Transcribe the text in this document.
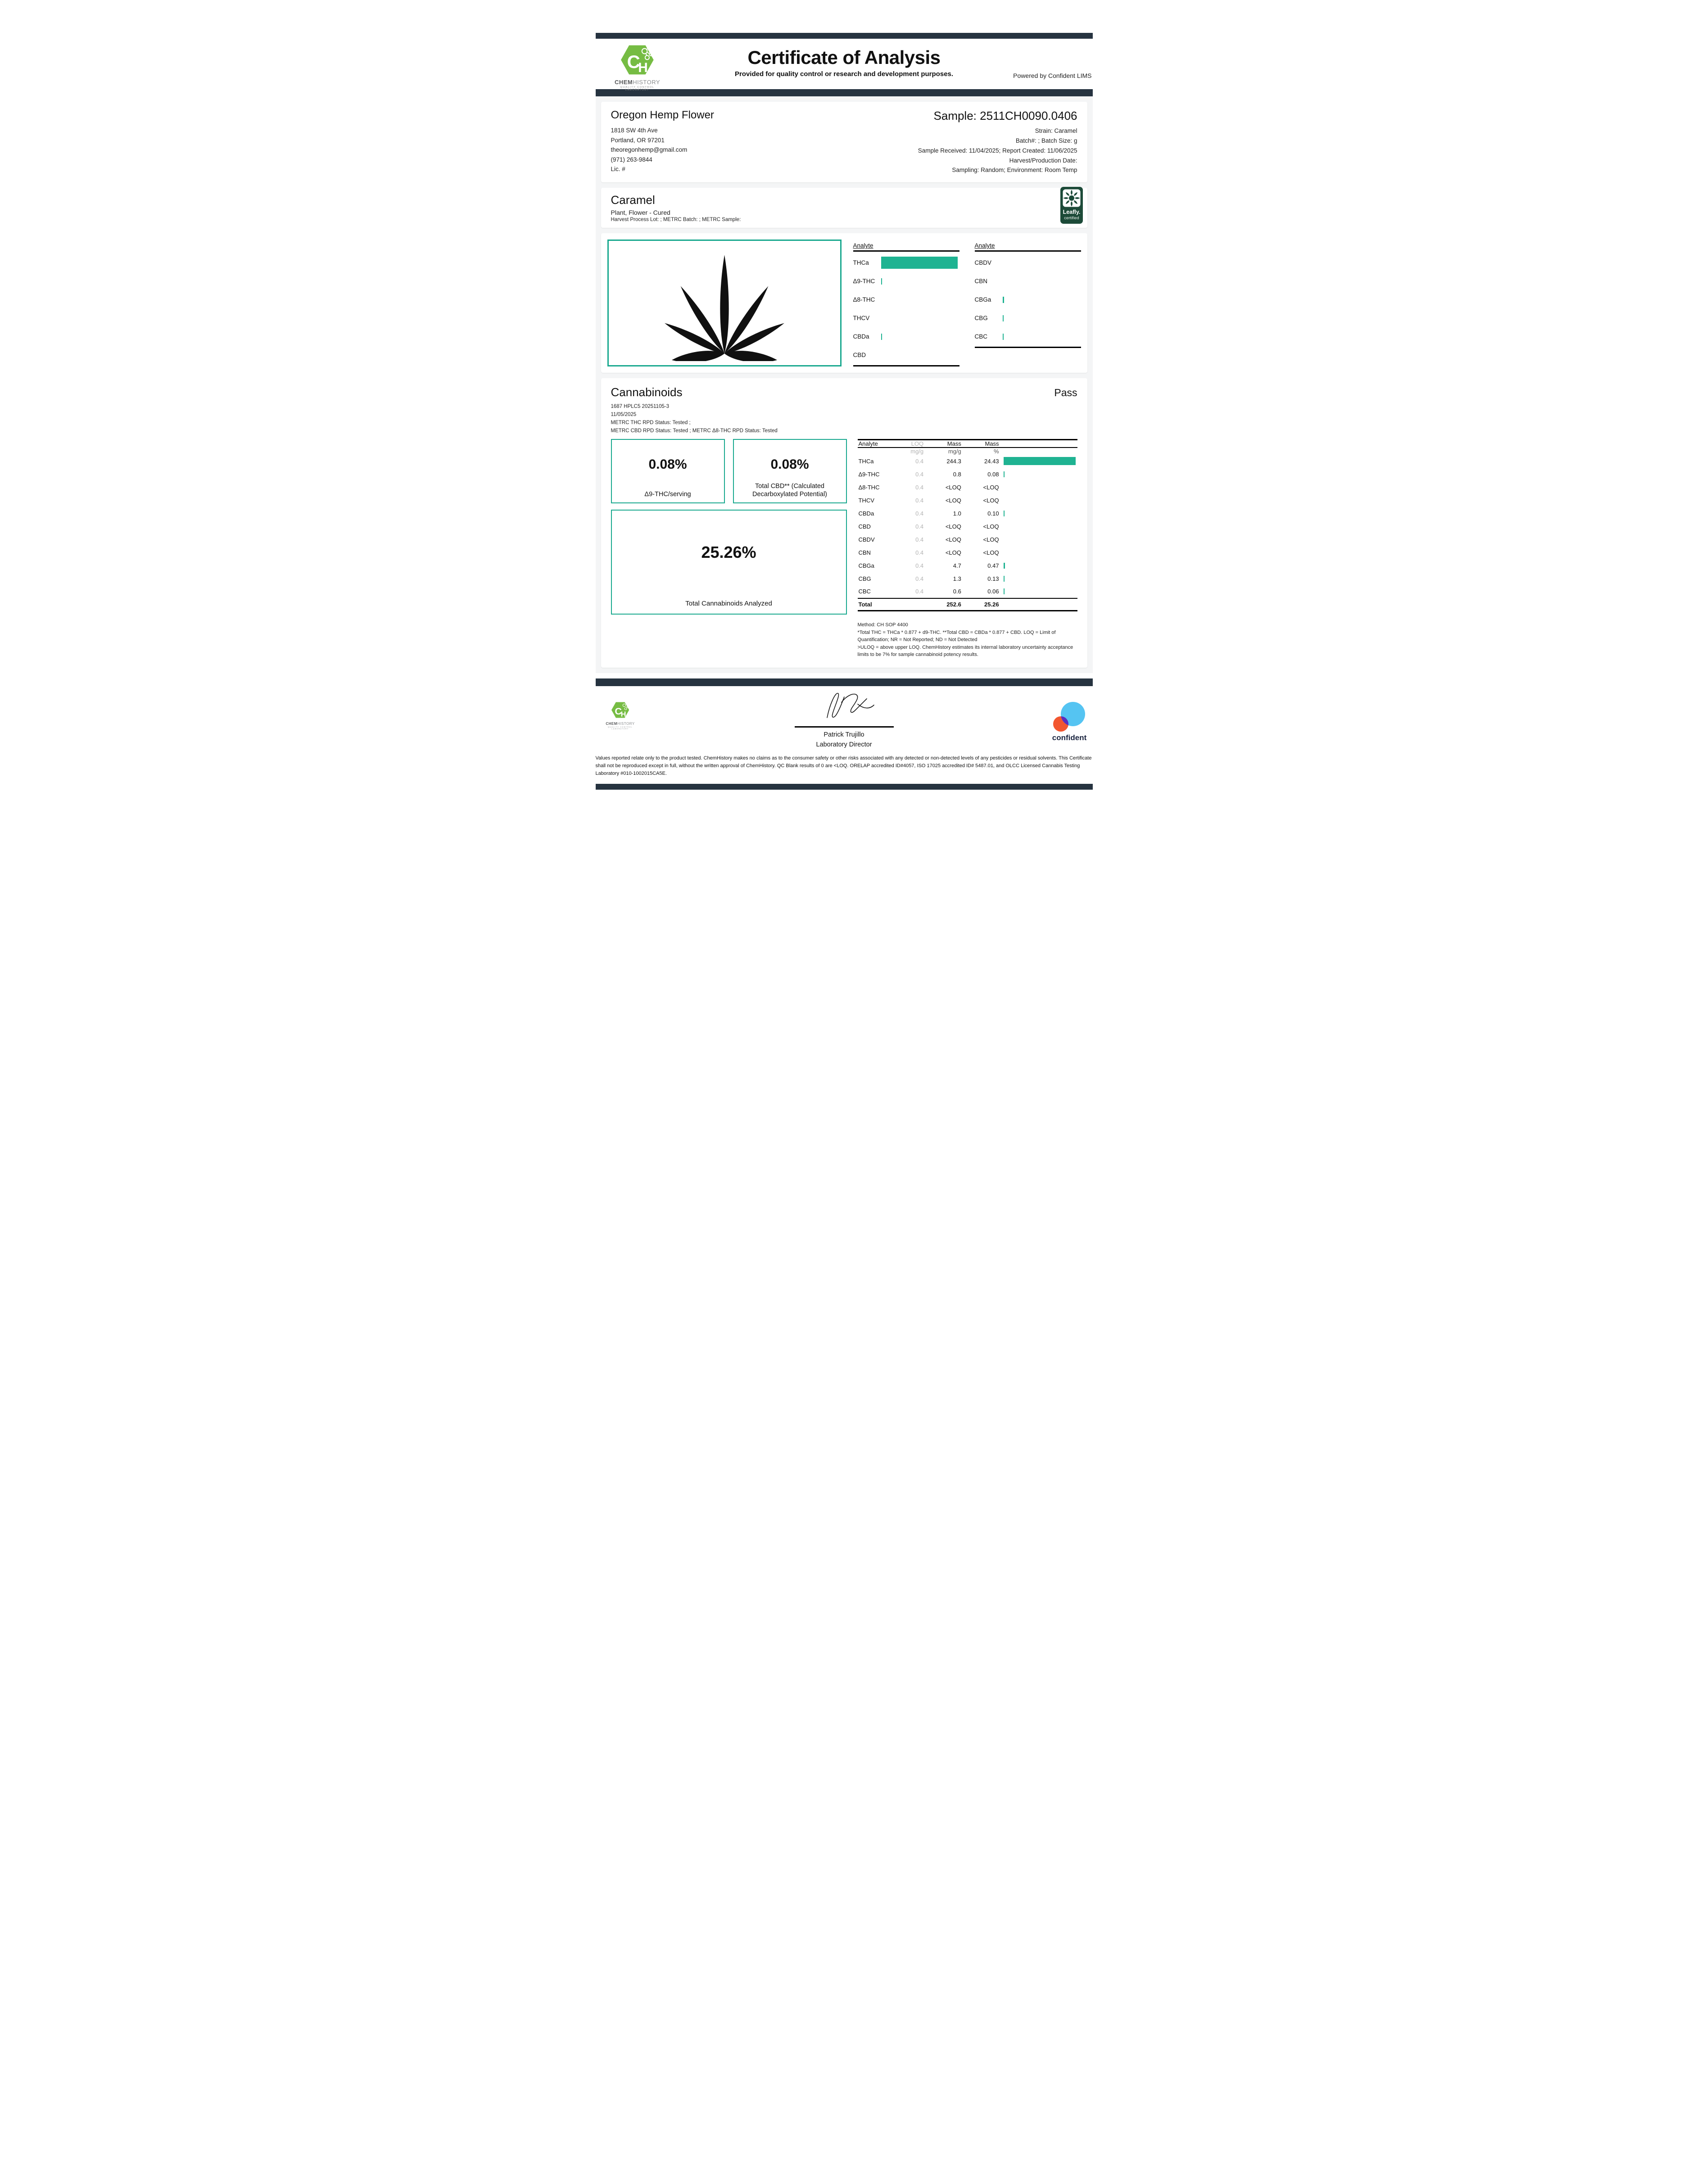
C
H
CHEMHISTORY
QUALITY CONTROL LABORATORY
Certificate of Analysis
Provided for quality control or research and development purposes.	Powered by Confident LIMS
Oregon Hemp Flower
1818 SW 4th Ave
Portland, OR 97201
theoregonhemp@gmail.com
(971) 263-9844
Lic. #
Sample: 2511CH0090.0406
Strain: Caramel
Batch#: ; Batch Size: g
Sample Received: 11/04/2025; Report Created: 11/06/2025
Harvest/Production Date:
Sampling: Random; Environment: Room Temp
Caramel
Plant, Flower - Cured
Harvest Process Lot: ; METRC Batch: ; METRC Sample:
Leafly.
certified
Analyte
THCa
Δ9-THC
Δ8-THC
THCV
CBDa
CBD
Analyte
CBDV
CBN
CBGa
CBG
CBC
Cannabinoids	Pass
1687 HPLC5 20251105-3
11/05/2025
METRC THC RPD Status: Tested ;
METRC CBD RPD Status: Tested ; METRC Δ8-THC RPD Status: Tested
0.08%
Δ9-THC/serving
0.08%
Total CBD** (Calculated Decarboxylated Potential)
25.26%
Total Cannabinoids Analyzed
Analyte	LOQ	Mass	Mass	
	mg/g	mg/g	%	
THCa	0.4	244.3	24.43	

Δ9-THC	0.4	0.8	0.08	

Δ8-THC	0.4	<LOQ	<LOQ	
THCV	0.4	<LOQ	<LOQ	
CBDa	0.4	1.0	0.10	

CBD	0.4	<LOQ	<LOQ	
CBDV	0.4	<LOQ	<LOQ	
CBN	0.4	<LOQ	<LOQ	
CBGa	0.4	4.7	0.47	

CBG	0.4	1.3	0.13	

CBC	0.4	0.6	0.06	

Total		252.6	25.26	
Method: CH SOP 4400
*Total THC = THCa * 0.877 + d9-THC. **Total CBD = CBDa * 0.877 + CBD. LOQ = Limit of Quantification; NR = Not Reported; ND = Not Detected
>ULOQ = above upper LOQ. ChemHistory estimates its internal laboratory uncertainty acceptance limits to be 7% for sample cannabinoid potency results.
C
H
CHEMHISTORY
QUALITY CONTROL LABORATORY
Patrick Trujillo
Laboratory Director
confident
Values reported relate only to the product tested. ChemHistory makes no claims as to the consumer safety or other risks associated with any detected or non-detected levels of any pesticides or residual solvents. This Certificate shall not be reproduced except in full, without the written approval of ChemHistory. QC Blank results of 0 are <LOQ. ORELAP accredited ID#4057, ISO 17025 accredited ID# 5487.01, and OLCC Licensed Cannabis Testing Laboratory #010-1002015CA5E.
